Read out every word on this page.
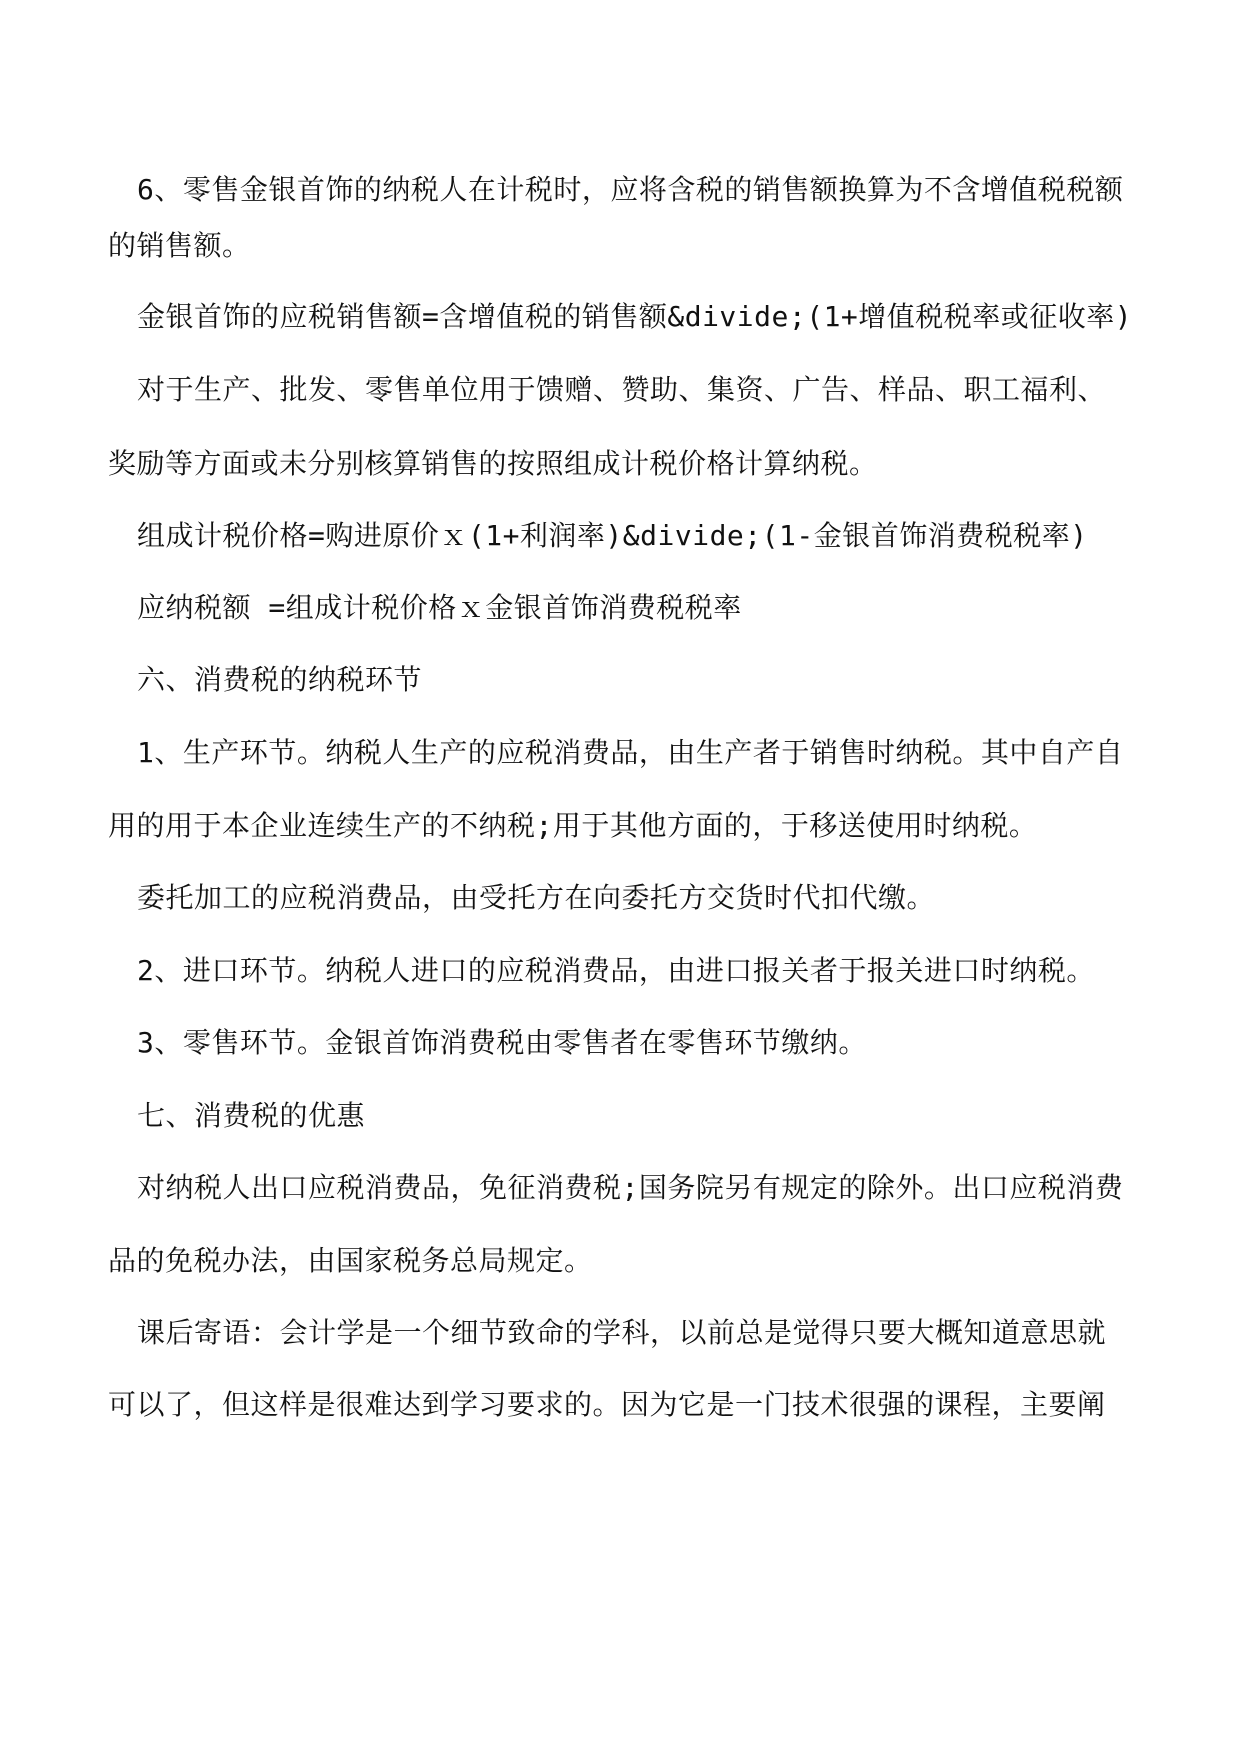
6、零售金银首饰的纳税人在计税时，应将含税的销售额换算为不含增值税税额
的销售额。
金银首饰的应税销售额=含增值税的销售额&divide;(1+增值税税率或征收率)
对于生产、批发、零售单位用于馈赠、赞助、集资、广告、样品、职工福利、
奖励等方面或未分别核算销售的按照组成计税价格计算纳税。
组成计税价格=购进原价ｘ(1+利润率)&divide;(1-金银首饰消费税税率)
应纳税额 =组成计税价格ｘ金银首饰消费税税率
六、消费税的纳税环节
1、生产环节。纳税人生产的应税消费品，由生产者于销售时纳税。其中自产自
用的用于本企业连续生产的不纳税;用于其他方面的，于移送使用时纳税。
委托加工的应税消费品，由受托方在向委托方交货时代扣代缴。
2、进口环节。纳税人进口的应税消费品，由进口报关者于报关进口时纳税。
3、零售环节。金银首饰消费税由零售者在零售环节缴纳。
七、消费税的优惠
对纳税人出口应税消费品，免征消费税;国务院另有规定的除外。出口应税消费
品的免税办法，由国家税务总局规定。
课后寄语：会计学是一个细节致命的学科，以前总是觉得只要大概知道意思就
可以了，但这样是很难达到学习要求的。因为它是一门技术很强的课程，主要阐
